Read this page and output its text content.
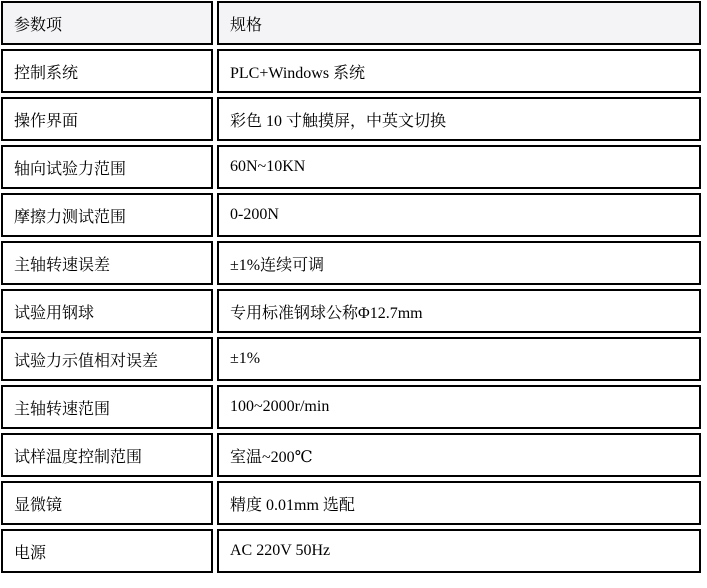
参数项	规格
控制系统	PLC+Windows 系统
操作界面	彩色 10 寸触摸屏，中英文切换
轴向试验力范围	60N~10KN
摩擦力测试范围	0-200N
主轴转速误差	±1%连续可调
试验用钢球	专用标准钢球公称Φ12.7mm
试验力示值相对误差	±1%
主轴转速范围	100~2000r/min
试样温度控制范围	室温~200℃
显微镜	精度 0.01mm 选配
电源	AC 220V 50Hz
